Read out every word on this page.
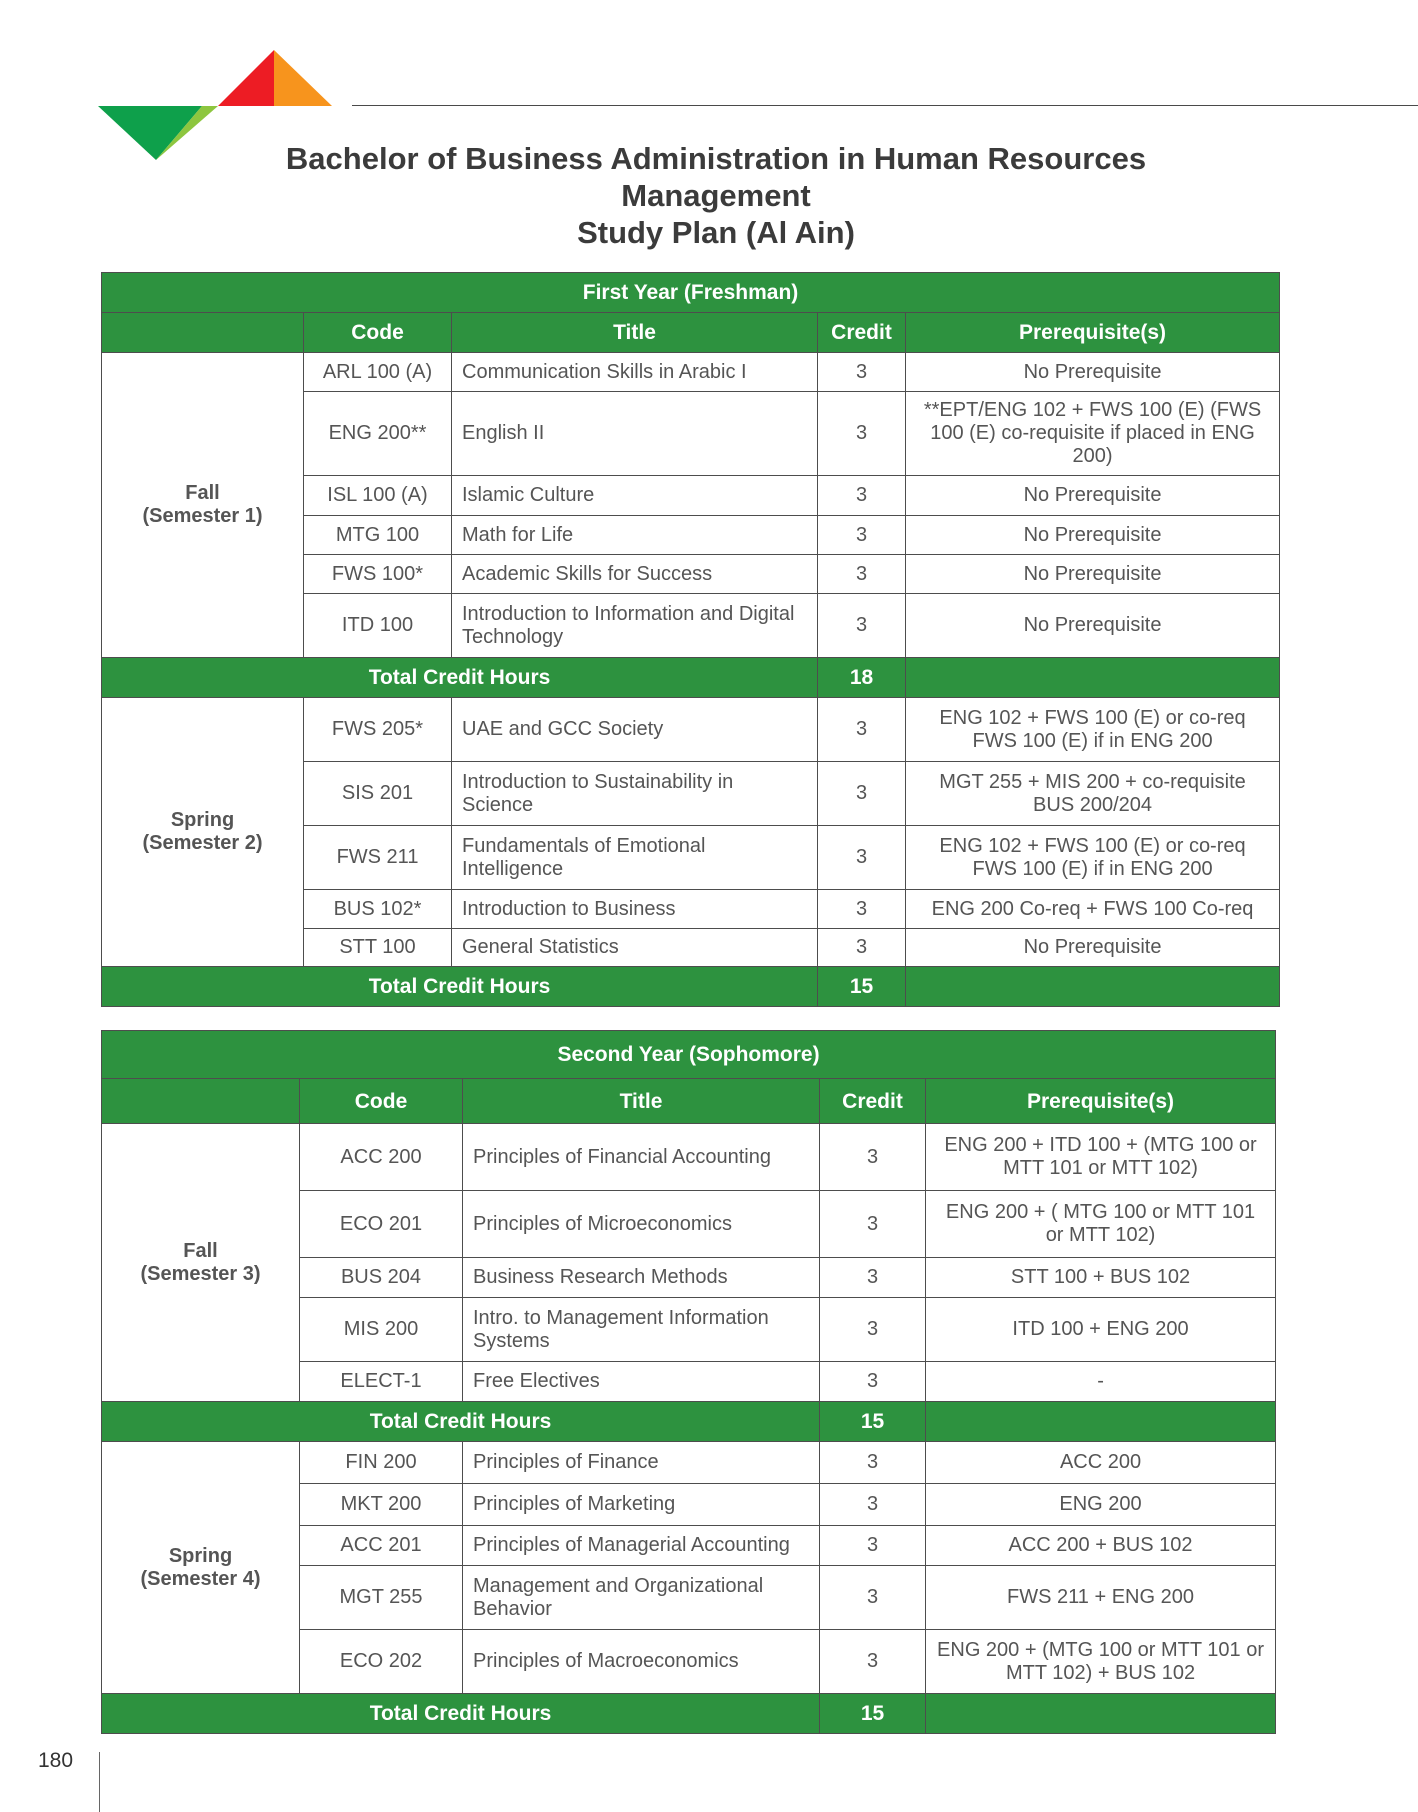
Bachelor of Business Administration in Human Resources
Management
Study Plan (Al Ain)
First Year (Freshman)				
	Code	Title	Credit	Prerequisite(s)

Fall
(Semester 1)	ARL 100 (A)	Communication Skills in Arabic I	3	No Prerequisite
	ENG 200**	English II	3	**EPT/ENG 102 + FWS 100 (E) (FWS 100 (E) co-requisite if placed in ENG 200)
	ISL 100 (A)	Islamic Culture	3	No Prerequisite
	MTG 100	Math for Life	3	No Prerequisite
	FWS 100*	Academic Skills for Success	3	No Prerequisite
	ITD 100	Introduction to Information and Digital Technology	3	No Prerequisite
Total Credit Hours			18	

Spring
(Semester 2)	FWS 205*	UAE and GCC Society	3	ENG 102 + FWS 100 (E) or co-req FWS 100 (E) if in ENG 200
	SIS 201	Introduction to Sustainability in Science	3	MGT 255 + MIS 200 + co-requisite BUS 200/204
	FWS 211	Fundamentals of Emotional Intelligence	3	ENG 102 + FWS 100 (E) or co-req FWS 100 (E) if in ENG 200
	BUS 102*	Introduction to Business	3	ENG 200 Co-req + FWS 100 Co-req
	STT 100	General Statistics	3	No Prerequisite
Total Credit Hours			15	
Second Year (Sophomore)				
	Code	Title	Credit	Prerequisite(s)

Fall
(Semester 3)	ACC 200	Principles of Financial Accounting	3	ENG 200 + ITD 100 + (MTG 100 or MTT 101 or MTT 102)
	ECO 201	Principles of Microeconomics	3	ENG 200 + ( MTG 100 or MTT 101 or MTT 102)
	BUS 204	Business Research Methods	3	STT 100 + BUS 102
	MIS 200	Intro. to Management Information Systems	3	ITD 100 + ENG 200
	ELECT-1	Free Electives	3	-
Total Credit Hours			15	

Spring
(Semester 4)	FIN 200	Principles of Finance	3	ACC 200
	MKT 200	Principles of Marketing	3	ENG 200
	ACC 201	Principles of Managerial Accounting	3	ACC 200 + BUS 102
	MGT 255	Management and Organizational Behavior	3	FWS 211 + ENG 200
	ECO 202	Principles of Macroeconomics	3	ENG 200 + (MTG 100 or MTT 101 or MTT 102) + BUS 102
Total Credit Hours			15	
180
